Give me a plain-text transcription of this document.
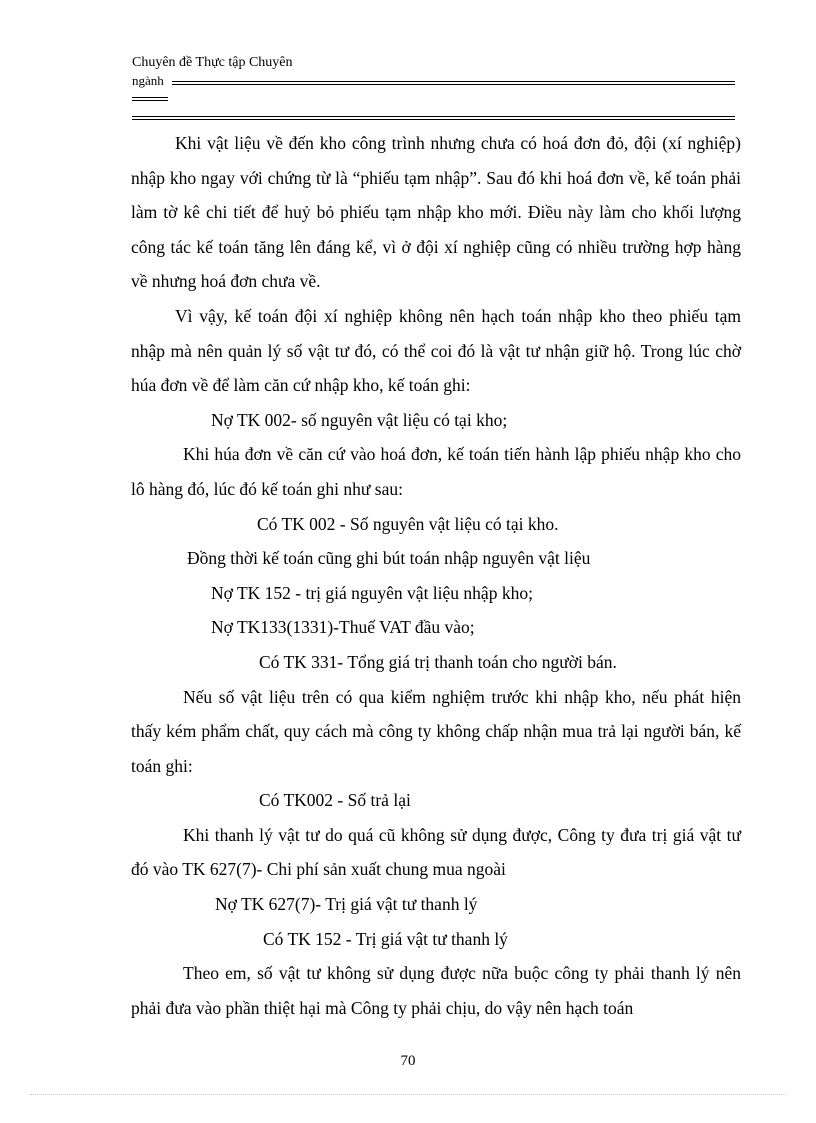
Chuyên đề Thực tập Chuyên
ngành

Khi vật liệu về đến kho công trình nhưng chưa có hoá đơn đỏ, đội (xí nghiệp) nhập kho ngay với chứng từ là “phiếu tạm nhập”. Sau đó khi hoá đơn về, kế toán phải làm tờ kê chi tiết để huỷ bỏ phiếu tạm nhập kho mới. Điều này làm cho khối lượng công tác kế toán tăng lên đáng kể, vì ở đội xí nghiệp cũng có nhiều trường hợp hàng về nhưng hoá đơn chưa về.

Vì vậy, kế toán đội xí nghiệp không nên hạch toán nhập kho theo phiếu tạm nhập mà nên quản lý số vật tư đó, có thể coi đó là vật tư nhận giữ hộ. Trong lúc chờ húa đơn về để làm căn cứ nhập kho, kế toán ghi:

Nợ TK 002- số nguyên vật liệu có tại kho;

Khi húa đơn về căn cứ vào hoá đơn, kế toán tiến hành lập phiếu nhập kho cho lô hàng đó, lúc đó kế toán ghi như sau:

Có TK 002 - Số nguyên vật liệu có tại kho.

Đồng thời kế toán cũng ghi bút toán nhập nguyên vật liệu

Nợ TK 152 - trị giá nguyên vật liệu nhập kho;

Nợ TK133(1331)-Thuế VAT đầu vào;

Có TK 331- Tổng giá trị thanh toán cho người bán.

Nếu số vật liệu trên có qua kiểm nghiệm trước khi nhập kho, nếu phát hiện thấy kém phẩm chất, quy cách mà công ty không chấp nhận mua trả lại người bán, kế toán ghi:

Có TK002 - Số trả lại

Khi thanh lý vật tư do quá cũ không sử dụng được, Công ty đưa trị giá vật tư đó vào TK 627(7)- Chi phí sản xuất chung mua ngoài

Nợ TK 627(7)- Trị giá vật tư thanh lý

Có TK 152 - Trị giá vật tư thanh lý

Theo em, số vật tư không sử dụng được nữa buộc công ty phải thanh lý nên phải đưa vào phần thiệt hại mà Công ty phải chịu, do vậy nên hạch toán

70
